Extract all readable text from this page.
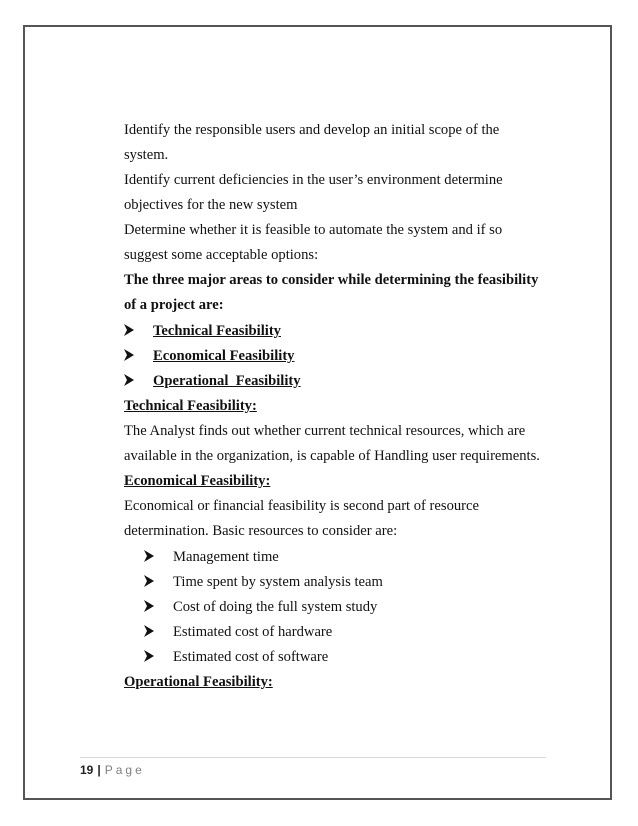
Identify the responsible users and develop an initial scope of the
system.
Identify current deficiencies in the user’s environment determine
objectives for the new system
Determine whether it is feasible to automate the system and if so
suggest some acceptable options:
The three major areas to consider while determining the feasibility
of a project are:
Technical Feasibility
Economical Feasibility
Operational  Feasibility
Technical Feasibility:
The Analyst finds out whether current technical resources, which are
available in the organization, is capable of Handling user requirements.
Economical Feasibility:
Economical or financial feasibility is second part of resource
determination. Basic resources to consider are:
Management time
Time spent by system analysis team
Cost of doing the full system study
Estimated cost of hardware
Estimated cost of software
Operational Feasibility:
19 | Page
